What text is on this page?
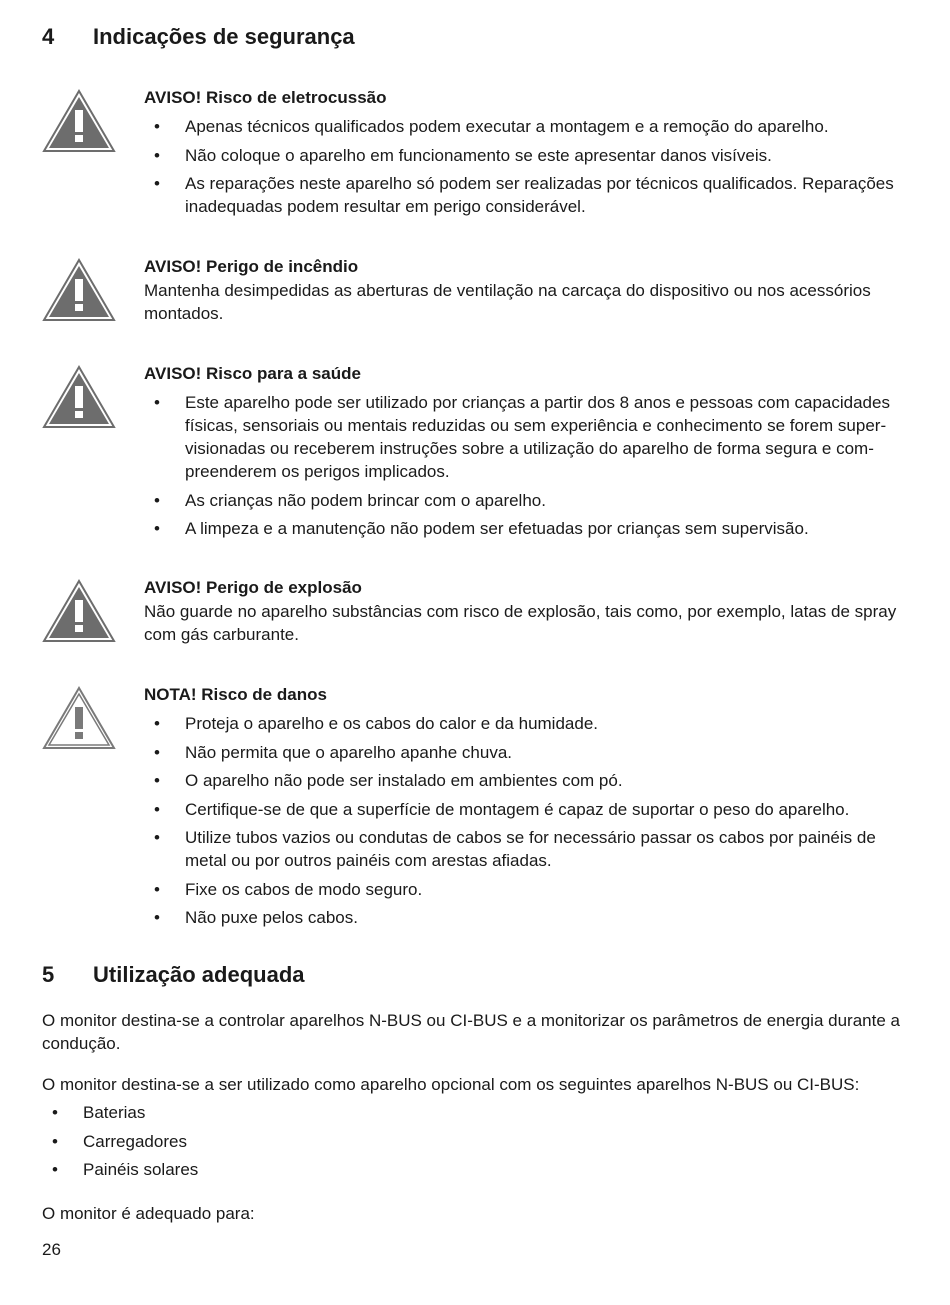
4 Indicações de segurança
AVISO! Risco de eletrocussão
• Apenas técnicos qualificados podem executar a montagem e a remoção do aparelho.
• Não coloque o aparelho em funcionamento se este apresentar danos visíveis.
• As reparações neste aparelho só podem ser realizadas por técnicos qualificados. Reparações inadequadas podem resultar em perigo considerável.
AVISO! Perigo de incêndio
Mantenha desimpedidas as aberturas de ventilação na carcaça do dispositivo ou nos acessórios montados.
AVISO! Risco para a saúde
• Este aparelho pode ser utilizado por crianças a partir dos 8 anos e pessoas com capacidades físicas, sensoriais ou mentais reduzidas ou sem experiência e conhecimento se forem supervisionadas ou receberem instruções sobre a utilização do aparelho de forma segura e compreenderem os perigos implicados.
• As crianças não podem brincar com o aparelho.
• A limpeza e a manutenção não podem ser efetuadas por crianças sem supervisão.
AVISO! Perigo de explosão
Não guarde no aparelho substâncias com risco de explosão, tais como, por exemplo, latas de spray com gás carburante.
NOTA! Risco de danos
• Proteja o aparelho e os cabos do calor e da humidade.
• Não permita que o aparelho apanhe chuva.
• O aparelho não pode ser instalado em ambientes com pó.
• Certifique-se de que a superfície de montagem é capaz de suportar o peso do aparelho.
• Utilize tubos vazios ou condutas de cabos se for necessário passar os cabos por painéis de metal ou por outros painéis com arestas afiadas.
• Fixe os cabos de modo seguro.
• Não puxe pelos cabos.
5 Utilização adequada
O monitor destina-se a controlar aparelhos N-BUS ou CI-BUS e a monitorizar os parâmetros de energia durante a condução.
O monitor destina-se a ser utilizado como aparelho opcional com os seguintes aparelhos N-BUS ou CI-BUS:
• Baterias
• Carregadores
• Painéis solares
O monitor é adequado para:
26
